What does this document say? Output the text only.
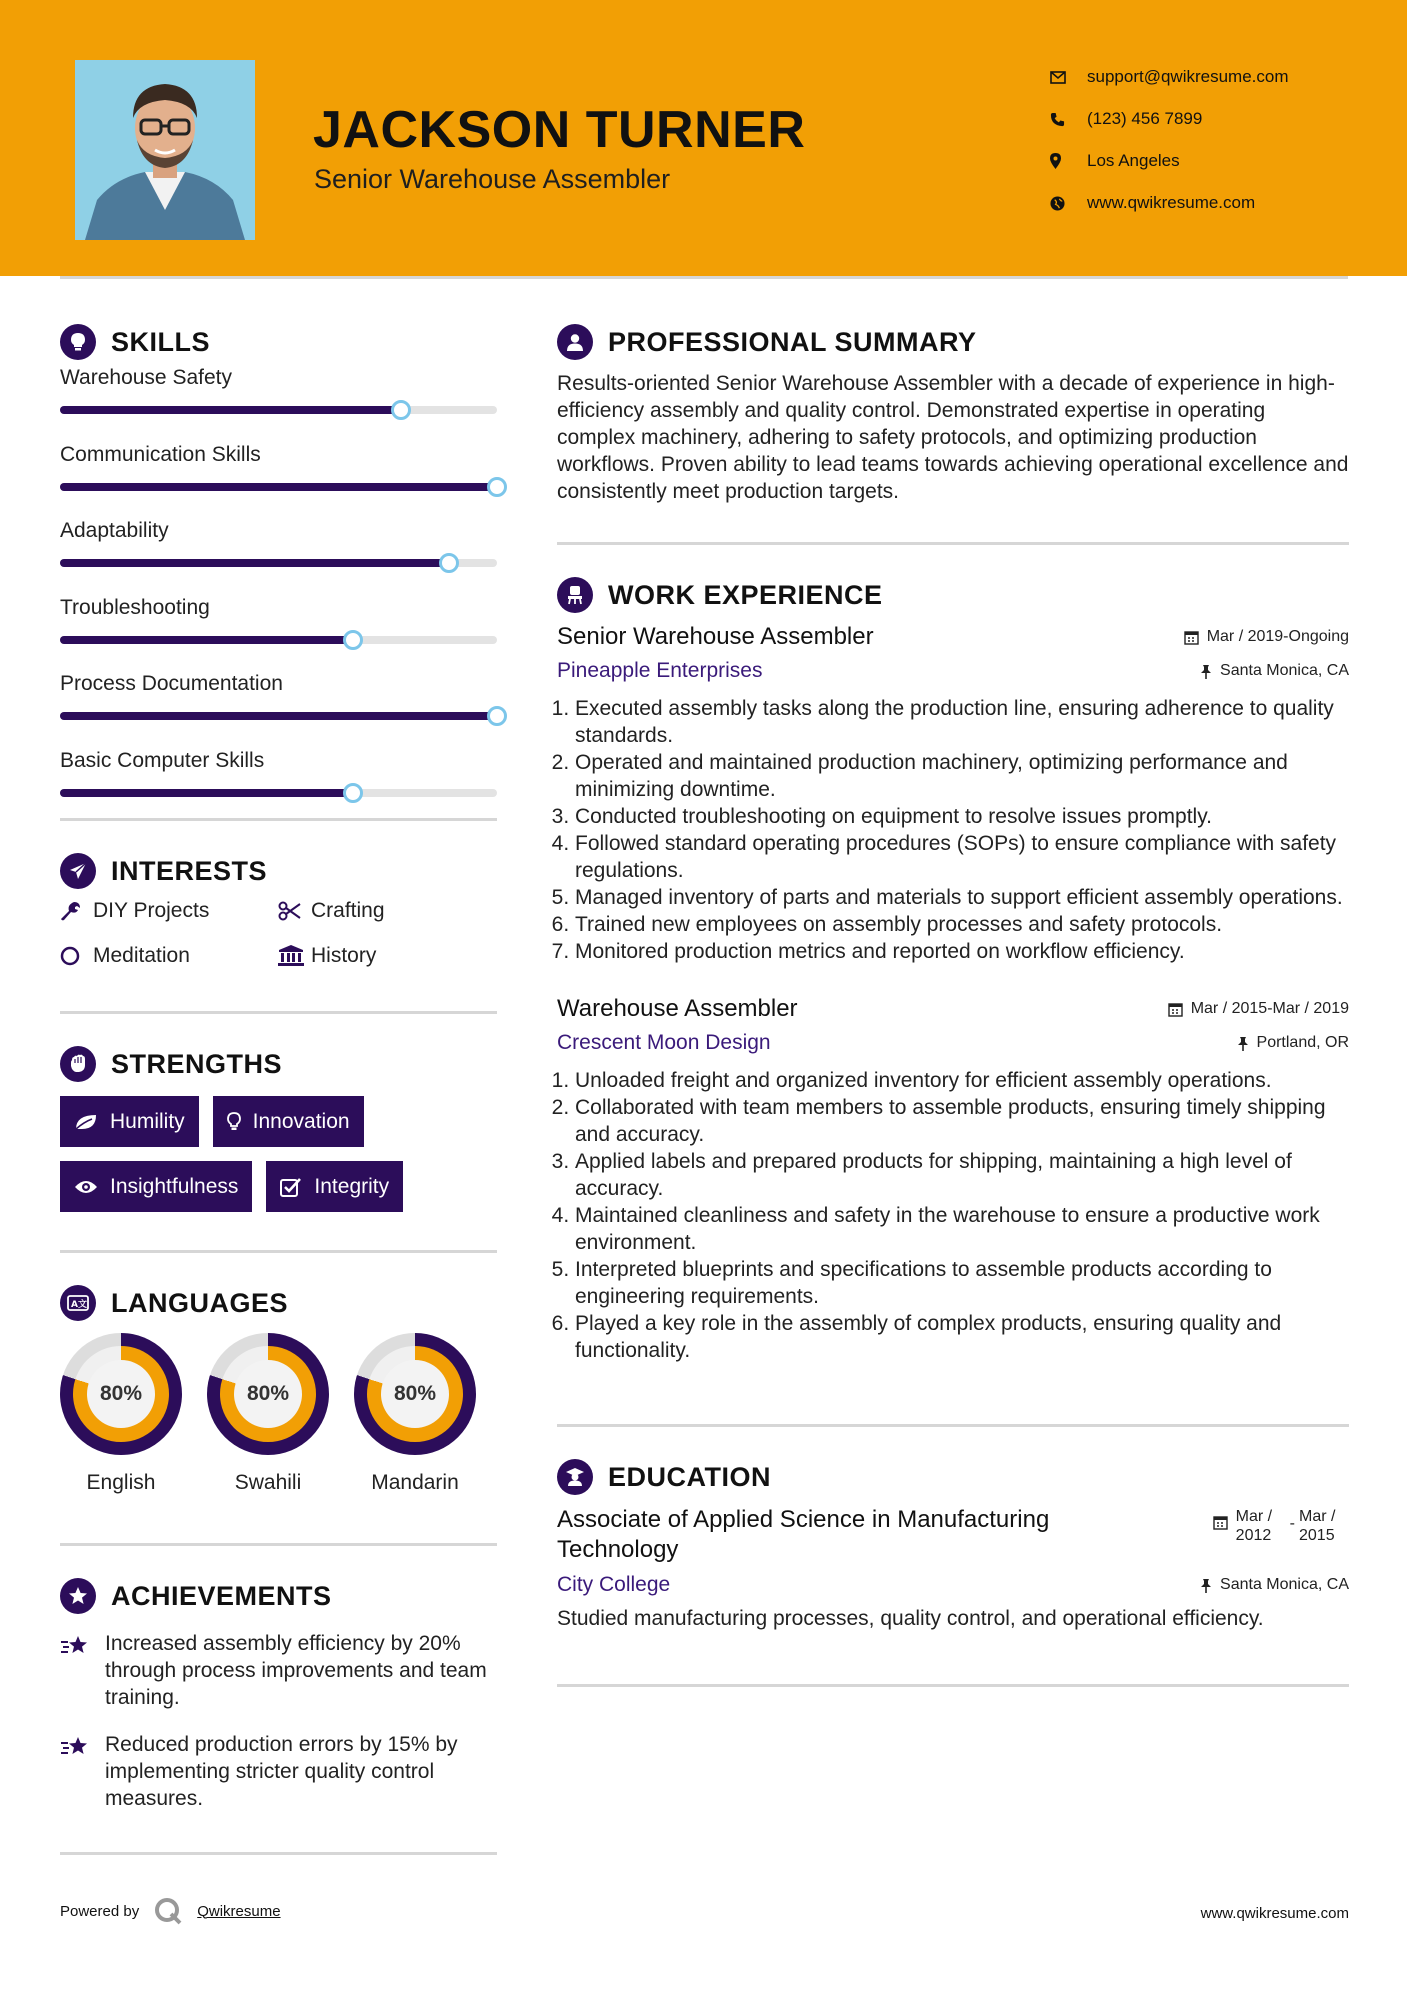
JACKSON TURNER
Senior Warehouse Assembler
support@qwikresume.com
(123) 456 7899
Los Angeles
www.qwikresume.com
SKILLS
Warehouse Safety
Communication Skills
Adaptability
Troubleshooting
Process Documentation
Basic Computer Skills
INTERESTS
DIY Projects	Crafting
Meditation	History
STRENGTHS
Humility	Innovation
Insightfulness	Integrity
A文 LANGUAGES
80%
English
80%
Swahili
80%
Mandarin
ACHIEVEMENTS
Increased assembly efficiency by 20% through process improvements and team training.
Reduced production errors by 15% by implementing stricter quality control measures.
PROFESSIONAL SUMMARY

Results-oriented Senior Warehouse Assembler with a decade of experience in high-efficiency assembly and quality control. Demonstrated expertise in operating complex machinery, adhering to safety protocols, and optimizing production workflows. Proven ability to lead teams towards achieving operational excellence and consistently meet production targets.

WORK EXPERIENCE
Senior Warehouse Assembler	Mar / 2019-Ongoing
Pineapple Enterprises	Santa Monica, CA
1. Executed assembly tasks along the production line, ensuring adherence to quality standards.
2. Operated and maintained production machinery, optimizing performance and minimizing downtime.
3. Conducted troubleshooting on equipment to resolve issues promptly.
4. Followed standard operating procedures (SOPs) to ensure compliance with safety regulations.
5. Managed inventory of parts and materials to support efficient assembly operations.
6. Trained new employees on assembly processes and safety protocols.
7. Monitored production metrics and reported on workflow efficiency.
Warehouse Assembler	Mar / 2015-Mar / 2019
Crescent Moon Design	Portland, OR
1. Unloaded freight and organized inventory for efficient assembly operations.
2. Collaborated with team members to assemble products, ensuring timely shipping and accuracy.
3. Applied labels and prepared products for shipping, maintaining a high level of accuracy.
4. Maintained cleanliness and safety in the warehouse to ensure a productive work environment.
5. Interpreted blueprints and specifications to assemble products according to engineering requirements.
6. Played a key role in the assembly of complex products, ensuring quality and functionality.
EDUCATION
Associate of Applied Science in Manufacturing Technology
Mar / 2012
- Mar / 2015
City College	Santa Monica, CA

Studied manufacturing processes, quality control, and operational efficiency.

Powered by	Qwikresume	www.qwikresume.com
